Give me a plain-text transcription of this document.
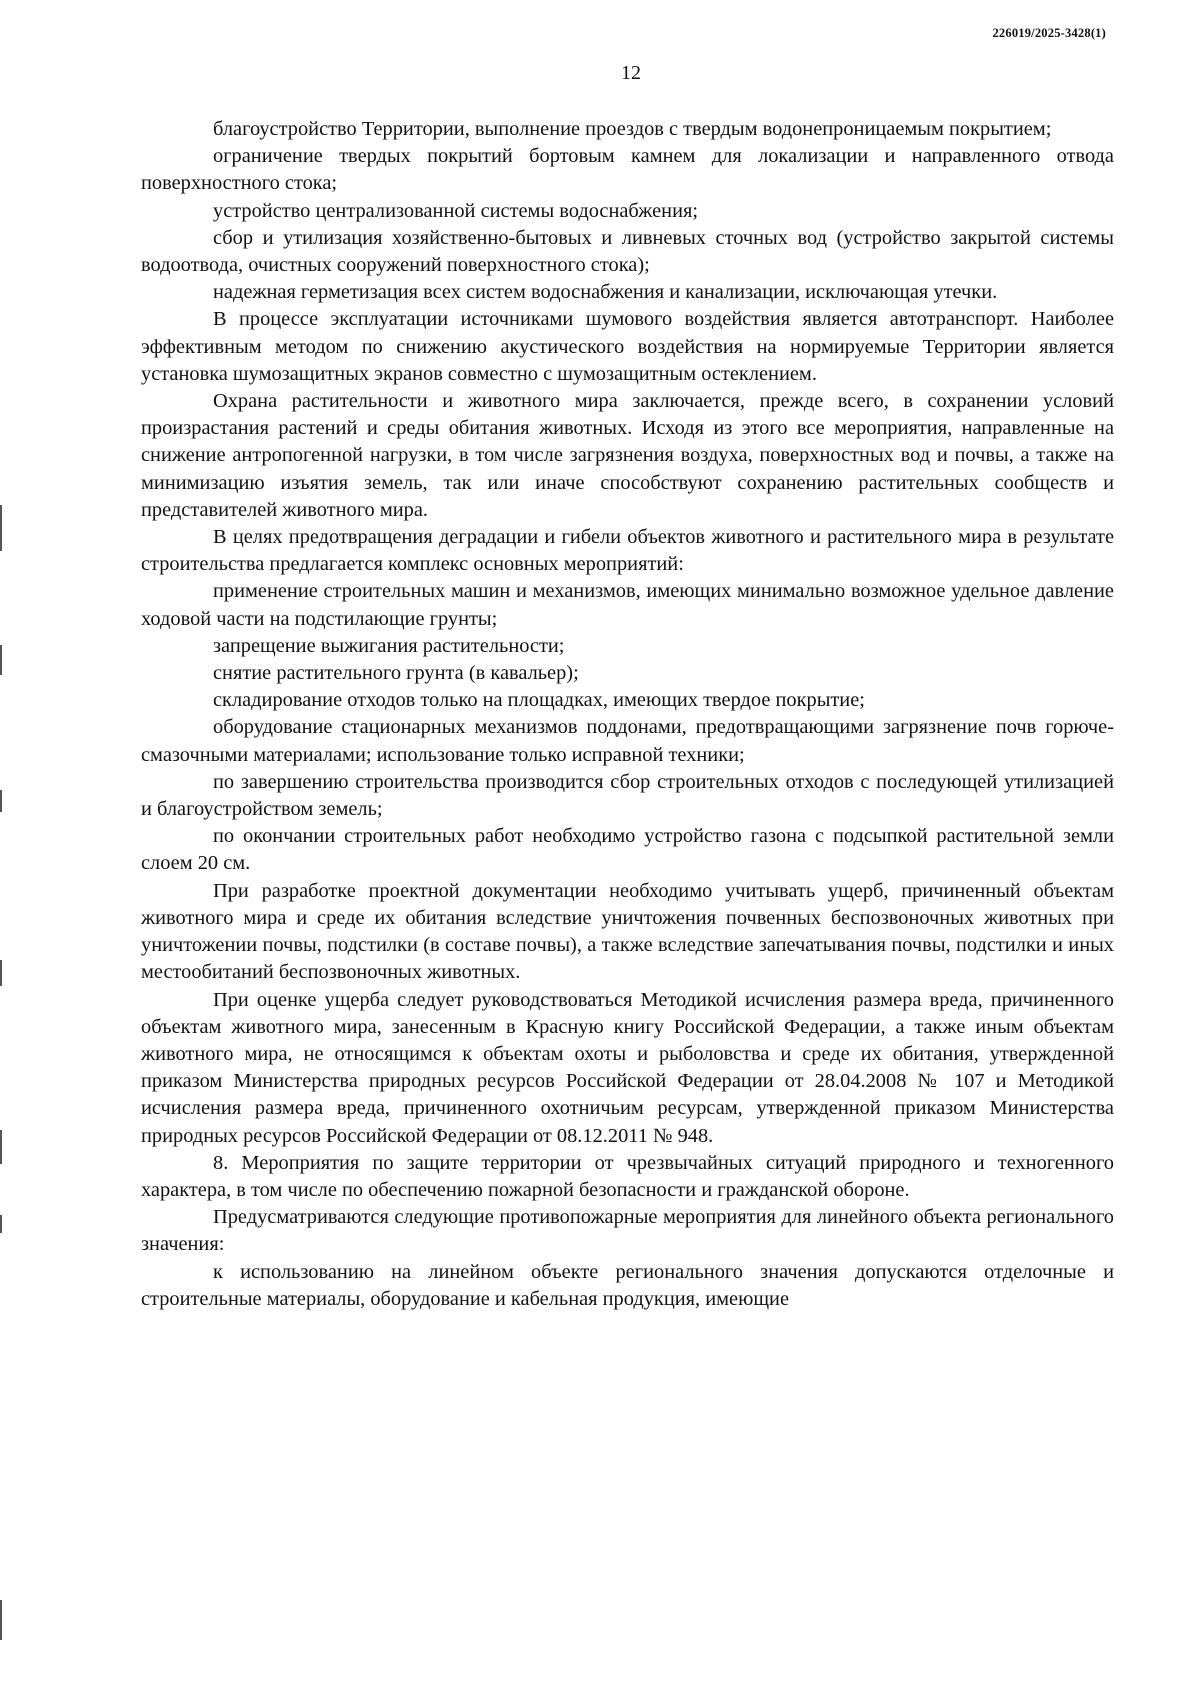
226019/2025-3428(1)
12

благоустройство Территории, выполнение проездов с твердым водонепроницаемым покрытием;

ограничение твердых покрытий бортовым камнем для локализации и направленного отвода поверхностного стока;

устройство централизованной системы водоснабжения;

сбор и утилизация хозяйственно-бытовых и ливневых сточных вод (устройство закрытой системы водоотвода, очистных сооружений поверхностного стока);

надежная герметизация всех систем водоснабжения и канализации, исключающая утечки.

В процессе эксплуатации источниками шумового воздействия является автотранспорт. Наиболее эффективным методом по снижению акустического воздействия на нормируемые Территории является установка шумозащитных экранов совместно с шумозащитным остеклением.

Охрана растительности и животного мира заключается, прежде всего, в сохранении условий произрастания растений и среды обитания животных. Исходя из этого все мероприятия, направленные на снижение антропогенной нагрузки, в том числе загрязнения воздуха, поверхностных вод и почвы, а также на минимизацию изъятия земель, так или иначе способствуют сохранению растительных сообществ и представителей животного мира.

В целях предотвращения деградации и гибели объектов животного и растительного мира в результате строительства предлагается комплекс основных мероприятий:

применение строительных машин и механизмов, имеющих минимально возможное удельное давление ходовой части на подстилающие грунты;

запрещение выжигания растительности;

снятие растительного грунта (в кавальер);

складирование отходов только на площадках, имеющих твердое покрытие;

оборудование стационарных механизмов поддонами, предотвращающими загрязнение почв горюче-смазочными материалами; использование только исправной техники;

по завершению строительства производится сбор строительных отходов с последующей утилизацией и благоустройством земель;

по окончании строительных работ необходимо устройство газона с подсыпкой растительной земли слоем 20 см.

При разработке проектной документации необходимо учитывать ущерб, причиненный объектам животного мира и среде их обитания вследствие уничтожения почвенных беспозвоночных животных при уничтожении почвы, подстилки (в составе почвы), а также вследствие запечатывания почвы, подстилки и иных местообитаний беспозвоночных животных.

При оценке ущерба следует руководствоваться Методикой исчисления размера вреда, причиненного объектам животного мира, занесенным в Красную книгу Российской Федерации, а также иным объектам животного мира, не относящимся к объектам охоты и рыболовства и среде их обитания, утвержденной приказом Министерства природных ресурсов Российской Федерации от 28.04.2008 № 107 и Методикой исчисления размера вреда, причиненного охотничьим ресурсам, утвержденной приказом Министерства природных ресурсов Российской Федерации от 08.12.2011 № 948.

8. Мероприятия по защите территории от чрезвычайных ситуаций природного и техногенного характера, в том числе по обеспечению пожарной безопасности и гражданской обороне.

Предусматриваются следующие противопожарные мероприятия для линейного объекта регионального значения:

к использованию на линейном объекте регионального значения допускаются отделочные и строительные материалы, оборудование и кабельная продукция, имеющие
